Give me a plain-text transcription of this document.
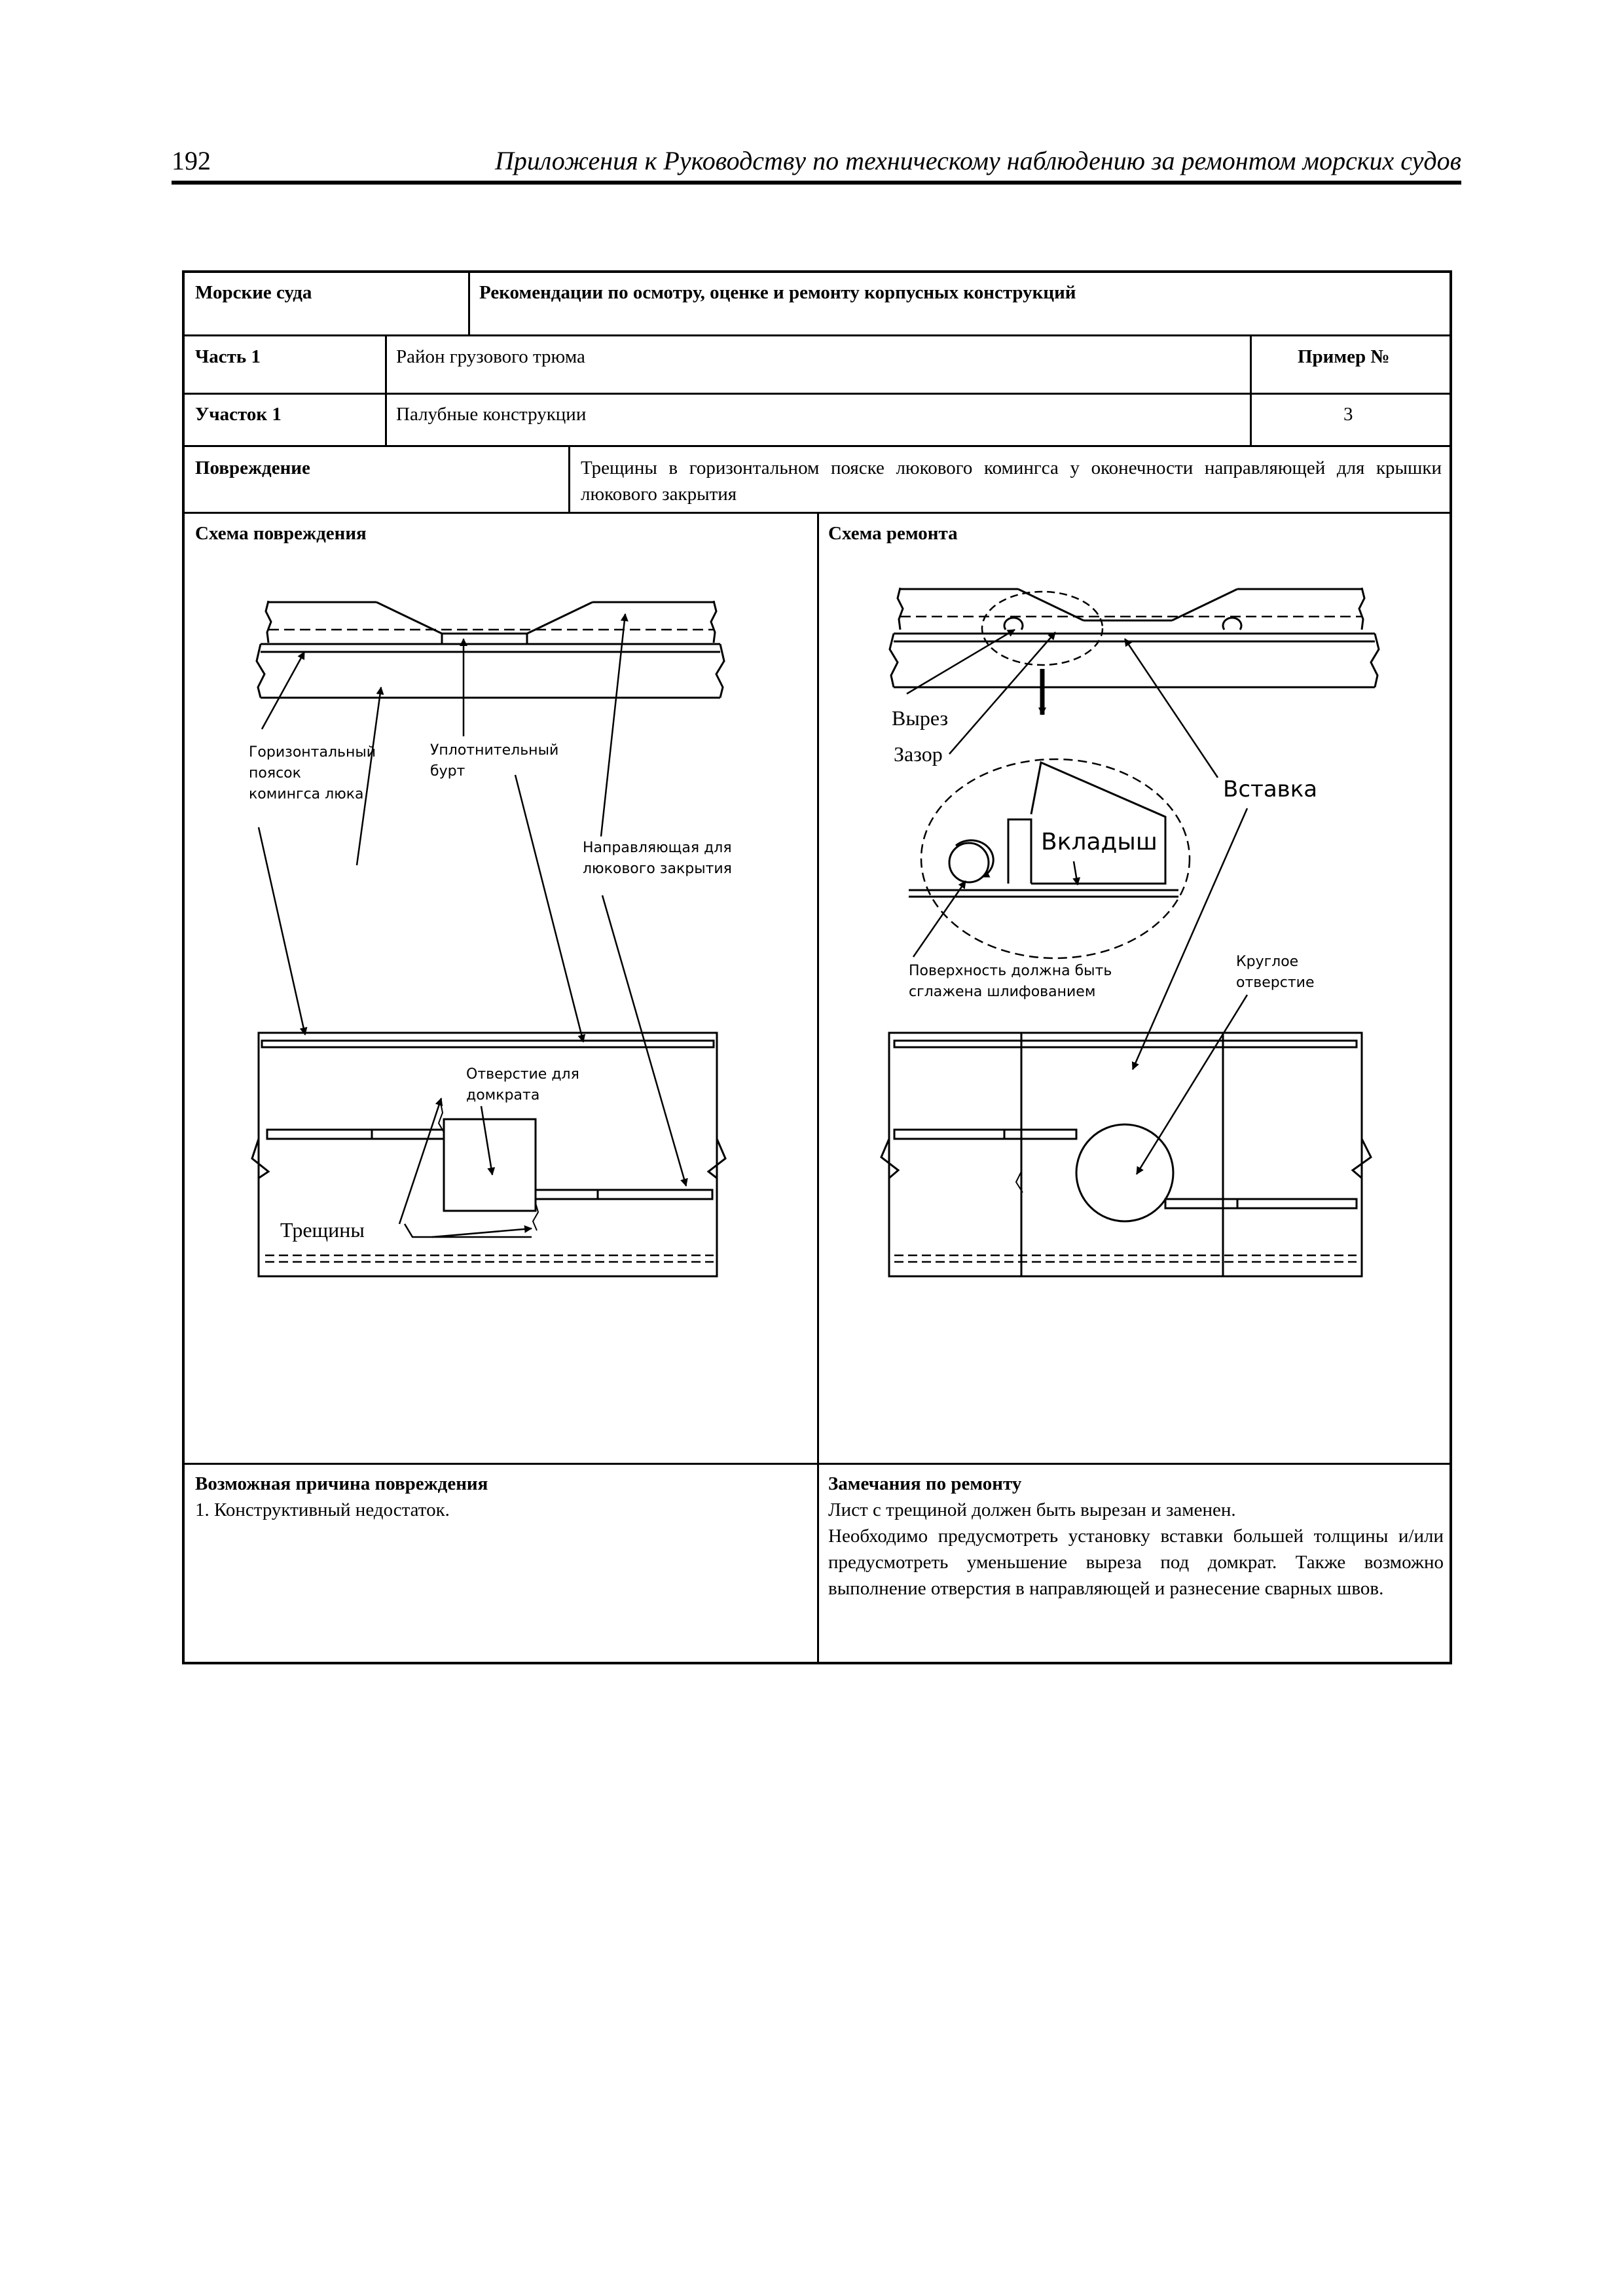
192	Приложения к Руководству по техническому наблюдению за ремонтом морских судов
Морские суда	Рекомендации по осмотру, оценке и ремонту корпусных конструкций
Часть 1	Район грузового трюма	Пример №
Участок 1	Палубные конструкции	3
Повреждение	Трещины в горизонтальном пояске люкового комингса у оконечности направляющей для крышки люкового закрытия
Схема повреждения	Схема ремонта
Возможная причина повреждения
1. Конструктивный недостаток.
Замечания по ремонту
Лист с трещиной должен быть вырезан и заменен.
Необходимо предусмотреть установку вставки большей толщины и/или предусмотреть уменьшение выреза под домкрат. Также возможно выполнение отверстия в направляющей и разнесение сварных швов.
Горизонтальный
поясок
комингса люка
Уплотнительный
бурт
Направляющая для
люкового закрытия
Отверстие для
домкрата
Трещины
Вырез
Зазор
Вставка
Вкладыш
Поверхность должна быть
сглажена шлифованием
Круглое
отверстие
